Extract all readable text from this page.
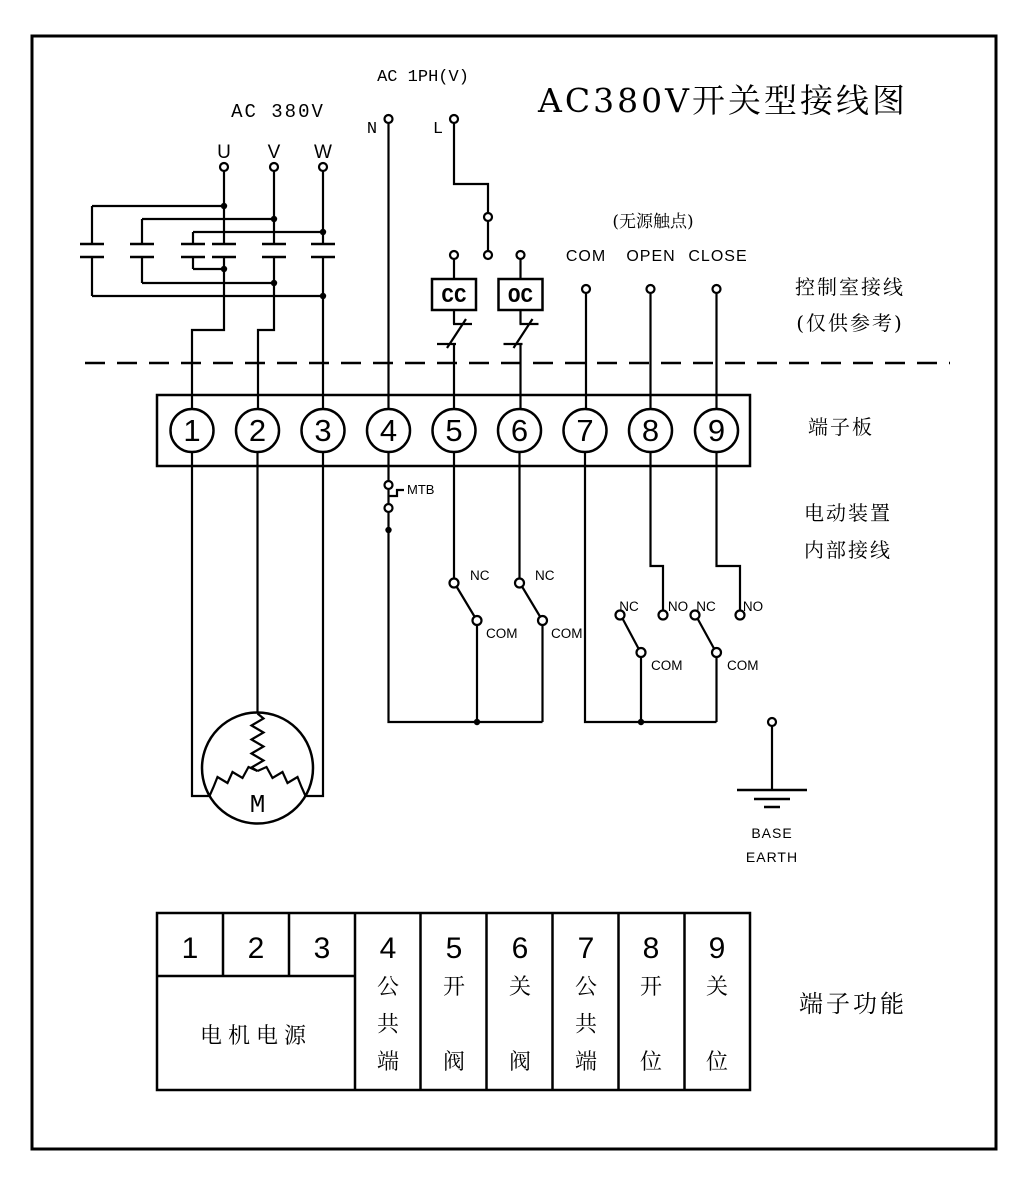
AC 380V
U V W
AC 1PH(V)
N	L
CC OC
(无源触点)
COM OPEN CLOSE
AC380V开关型接线图
控制室接线
(仅供参考)
端子板
电动装置
内部接线
端子功能
1 2 3 4 5 6 7 8 9
MTB
NC
COM
NC
COM
NC NO
COM
NC NO
COM
M
BASE
EARTH
1 2 3 4 5 6 7 8 9
电机电源
公
共
端
开
阀
关
阀
公
共
端
开
位
关
位
